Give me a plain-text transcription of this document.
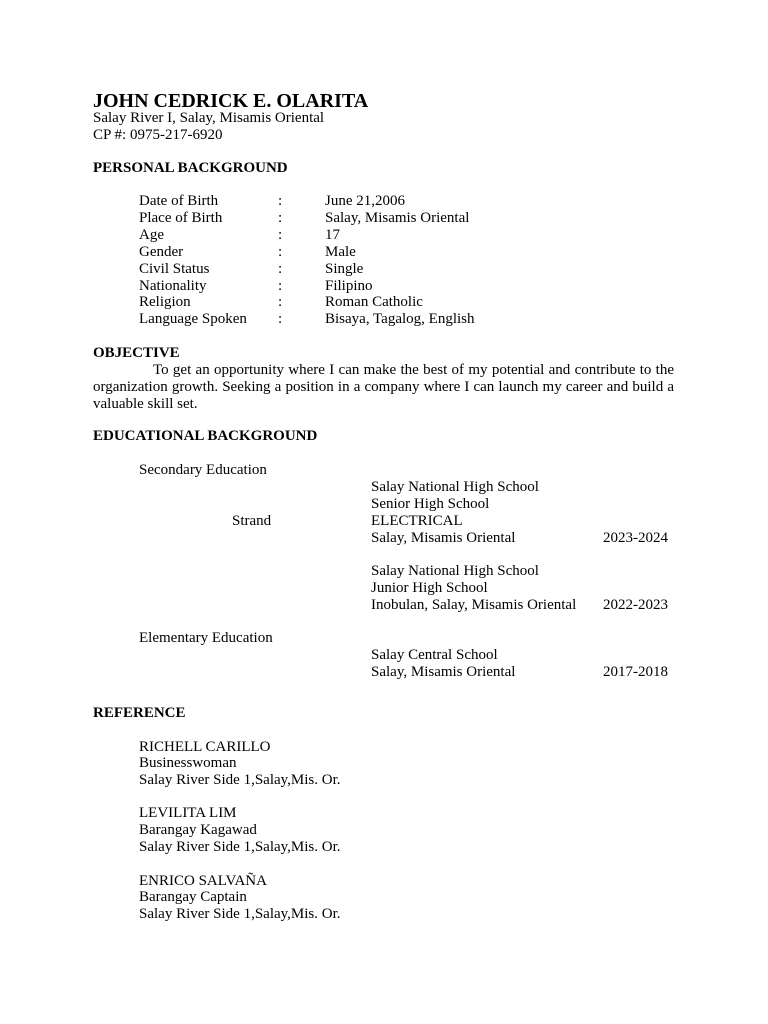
JOHN CEDRICK E. OLARITA
Salay River I, Salay, Misamis Oriental
CP #: 0975-217-6920
PERSONAL BACKGROUND
Date of Birth	:	June 21,2006
Place of Birth	:	Salay, Misamis Oriental
Age	:	17
Gender	:	Male
Civil Status	:	Single
Nationality	:	Filipino
Religion	:	Roman Catholic
Language Spoken :	Bisaya, Tagalog, English
OBJECTIVE
To get an opportunity where I can make the best of my potential and contribute to the organization growth. Seeking a position in a company where I can launch my career and build a valuable skill set.
EDUCATIONAL BACKGROUND
Secondary Education
Salay National High School
Senior High School
Strand	ELECTRICAL
Salay, Misamis Oriental	2023-2024
Salay National High School
Junior High School
Inobulan, Salay, Misamis Oriental 2022-2023
Elementary Education
Salay Central School
Salay, Misamis Oriental	2017-2018
REFERENCE
RICHELL CARILLO
Businesswoman
Salay River Side 1,Salay,Mis. Or.
LEVILITA LIM
Barangay Kagawad
Salay River Side 1,Salay,Mis. Or.
ENRICO SALVAÑA
Barangay Captain
Salay River Side 1,Salay,Mis. Or.
